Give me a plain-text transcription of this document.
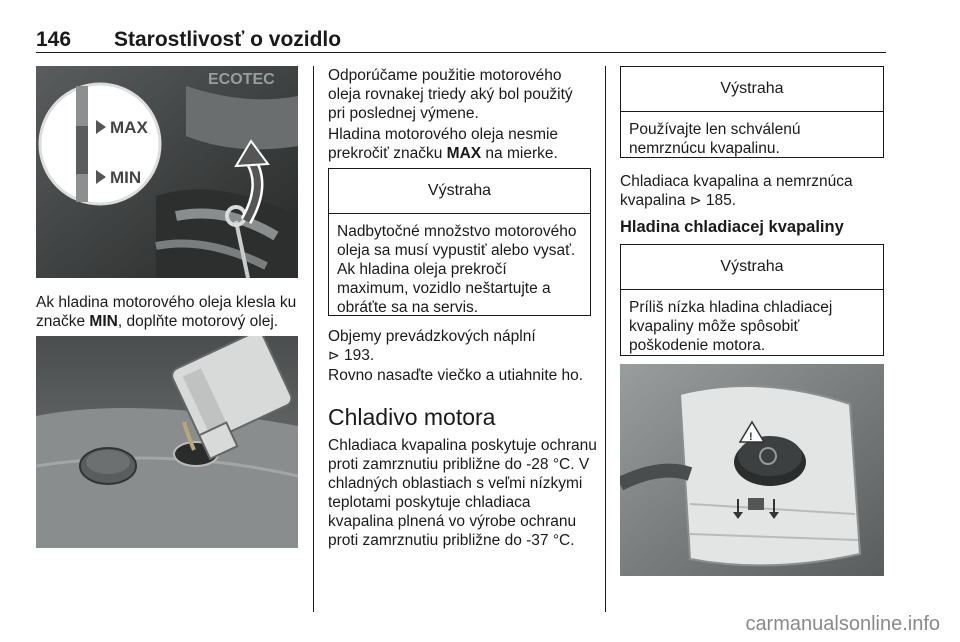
146 Starostlivosť o vozidlo
ECOTEC
MAX
MIN

Ak hladina motorového oleja klesla ku značke MIN, doplňte motorový olej.

Odporúčame použitie motorového oleja rovnakej triedy aký bol použitý pri poslednej výmene.

Hladina motorového oleja nesmie prekročiť značku MAX na mierke.

Výstraha
Nadbytočné množstvo motorového oleja sa musí vypustiť alebo vysať. Ak hladina oleja prekročí maximum, vozidlo neštartujte a obráťte sa na servis.

Objemy prevádzkových náplní
⊳ 193.

Rovno nasaďte viečko a utiahnite ho.

Chladivo motora

Chladiaca kvapalina poskytuje ochranu proti zamrznutiu približne do -28 °C. V chladných oblastiach s veľmi nízkymi teplotami poskytuje chladiaca kvapalina plnená vo výrobe ochranu proti zamrznutiu približne do -37 °C.

Výstraha
Používajte len schválenú nemrznúcu kvapalinu.

Chladiaca kvapalina a nemrznúca kvapalina ⊳ 185.

Hladina chladiacej kvapaliny
Výstraha
Príliš nízka hladina chladiacej kvapaliny môže spôsobiť poškodenie motora.
!
carmanualsonline.info
